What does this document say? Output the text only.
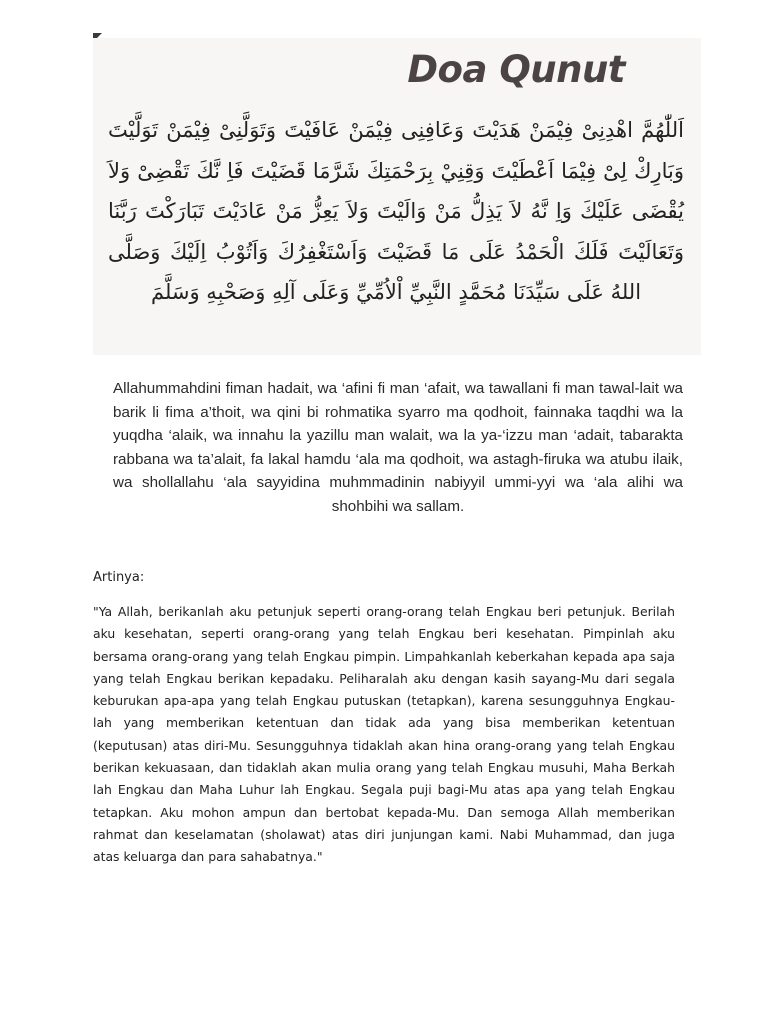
Doa Qunut

اَللّٰهُمَّ اهْدِنِىْ فِيْمَنْ هَدَيْتَ وَعَافِنِى فِيْمَنْ عَافَيْتَ وَتَوَلَّنِىْ فِيْمَنْ تَوَلَّيْتَ وَبَارِكْ لِىْ فِيْمَا اَعْطَيْتَ وَقِنِيْ بِرَحْمَتِكَ شَرَّمَا قَضَيْتَ فَاِ نَّكَ تَقْضِىْ وَلاَ يُقْضَى عَلَيْكَ وَاِ نَّهُ لاَ يَذِلُّ مَنْ وَالَيْتَ وَلاَ يَعِزُّ مَنْ عَادَيْتَ تَبَارَكْتَ رَبَّنَا وَتَعَالَيْتَ فَلَكَ الْحَمْدُ عَلَى مَا قَضَيْتَ وَاَسْتَغْفِرُكَ وَاَتُوْبُ اِلَيْكَ وَصَلَّى اللهُ عَلَى سَيِّدَنَا مُحَمَّدٍ النَّبِيِّ اْلاُمِّيِّ وَعَلَى آلِهِ وَصَحْبِهِ وَسَلَّمَ

Allahummahdini fiman hadait, wa ‘afini fi man ‘afait, wa tawallani fi man tawal-lait wa barik li fima a’thoit, wa qini bi rohmatika syarro ma qodhoit, fainnaka taqdhi wa la yuqdha ‘alaik, wa innahu la yazillu man walait, wa la ya-‘izzu man ‘adait, tabarakta rabbana wa ta’alait, fa lakal hamdu ‘ala ma qodhoit, wa astagh-firuka wa atubu ilaik, wa shollallahu ‘ala sayyidina muhmmadinin nabiyyil ummi-yyi wa ‘ala alihi wa shohbihi wa sallam.

Artinya:

"Ya Allah, berikanlah aku petunjuk seperti orang-orang telah Engkau beri petunjuk. Berilah aku kesehatan, seperti orang-orang yang telah Engkau beri kesehatan. Pimpinlah aku bersama orang-orang yang telah Engkau pimpin. Limpahkanlah keberkahan kepada apa saja yang telah Engkau berikan kepadaku. Peliharalah aku dengan kasih sayang-Mu dari segala keburukan apa-apa yang telah Engkau putuskan (tetapkan), karena sesungguhnya Engkau-lah yang memberikan ketentuan dan tidak ada yang bisa memberikan ketentuan (keputusan) atas diri-Mu. Sesungguhnya tidaklah akan hina orang-orang yang telah Engkau berikan kekuasaan, dan tidaklah akan mulia orang yang telah Engkau musuhi, Maha Berkah lah Engkau dan Maha Luhur lah Engkau. Segala puji bagi-Mu atas apa yang telah Engkau tetapkan. Aku mohon ampun dan bertobat kepada-Mu. Dan semoga Allah memberikan rahmat dan keselamatan (sholawat) atas diri junjungan kami. Nabi Muhammad, dan juga atas keluarga dan para sahabatnya."
